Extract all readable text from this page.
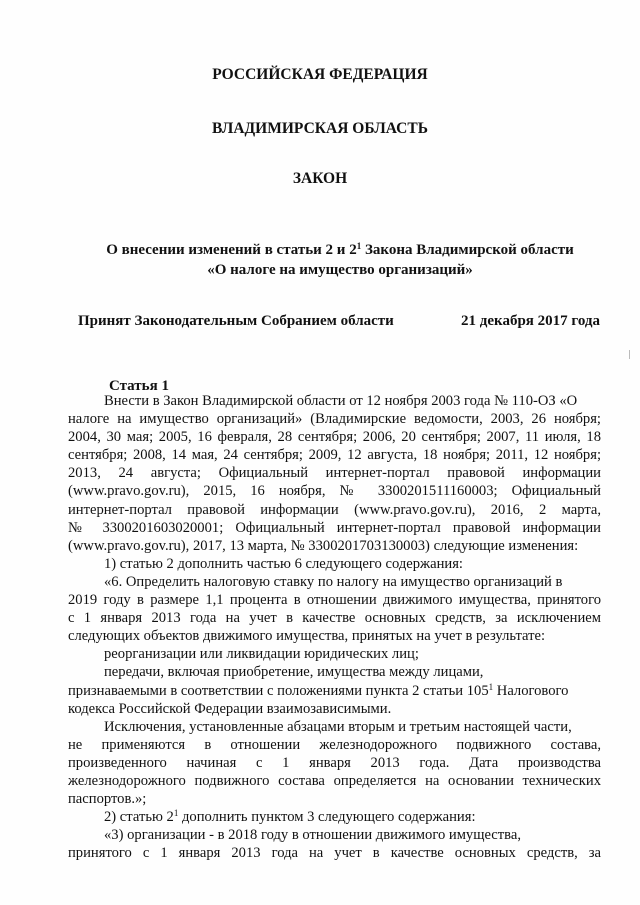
РОССИЙСКАЯ ФЕДЕРАЦИЯ
ВЛАДИМИРСКАЯ ОБЛАСТЬ
ЗАКОН
О внесении изменений в статьи 2 и $2^1$ Закона Владимирской области
«О налоге на имущество организаций»
Принят Законодательным Собранием области	21 декабря 2017 года
Статья 1

Внести в Закон Владимирской области от 12 ноября 2003 года № 110-ОЗ «О

налоге на имущество организаций» (Владимирские ведомости, 2003, 26 ноября;

2004, 30 мая; 2005, 16 февраля, 28 сентября; 2006, 20 сентября; 2007, 11 июля, 18

сентября; 2008, 14 мая, 24 сентября; 2009, 12 августа, 18 ноября; 2011, 12 ноября;

2013, 24 августа; Официальный интернет-портал правовой информации

(www.pravo.gov.ru), 2015, 16 ноября, № 3300201511160003; Официальный

интернет-портал правовой информации (www.pravo.gov.ru), 2016, 2 марта,

№ 3300201603020001; Официальный интернет-портал правовой информации

(www.pravo.gov.ru), 2017, 13 марта, № 3300201703130003) следующие изменения:

1) статью 2 дополнить частью 6 следующего содержания:

«6. Определить налоговую ставку по налогу на имущество организаций в

2019 году в размере 1,1 процента в отношении движимого имущества, принятого

с 1 января 2013 года на учет в качестве основных средств, за исключением

следующих объектов движимого имущества, принятых на учет в результате:

реорганизации или ликвидации юридических лиц;

передачи, включая приобретение, имущества между лицами,

признаваемыми в соответствии с положениями пункта 2 статьи $105^1$ Налогового

кодекса Российской Федерации взаимозависимыми.

Исключения, установленные абзацами вторым и третьим настоящей части,

не применяются в отношении железнодорожного подвижного состава,

произведенного начиная с 1 января 2013 года. Дата производства

железнодорожного подвижного состава определяется на основании технических

паспортов.»;

2) статью $2^1$ дополнить пунктом 3 следующего содержания:

«3) организации - в 2018 году в отношении движимого имущества,

принятого с 1 января 2013 года на учет в качестве основных средств, за
